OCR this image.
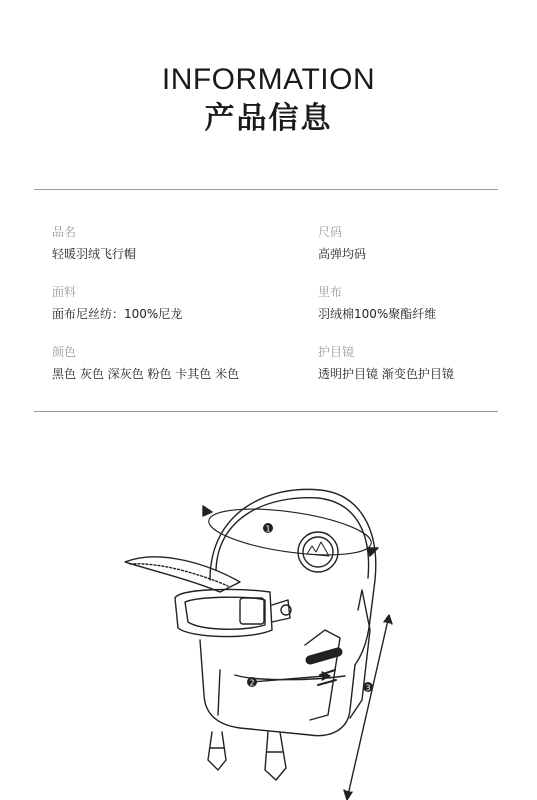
INFORMATION
产品信息
品名
轻暖羽绒飞行帽
尺码
高弹均码
面料
面布尼丝纺：100%尼龙
里布
羽绒棉100%聚酯纤维
颜色
黑色 灰色 深灰色 粉色 卡其色 米色
护目镜
透明护目镜 渐变色护目镜
1
2
3
